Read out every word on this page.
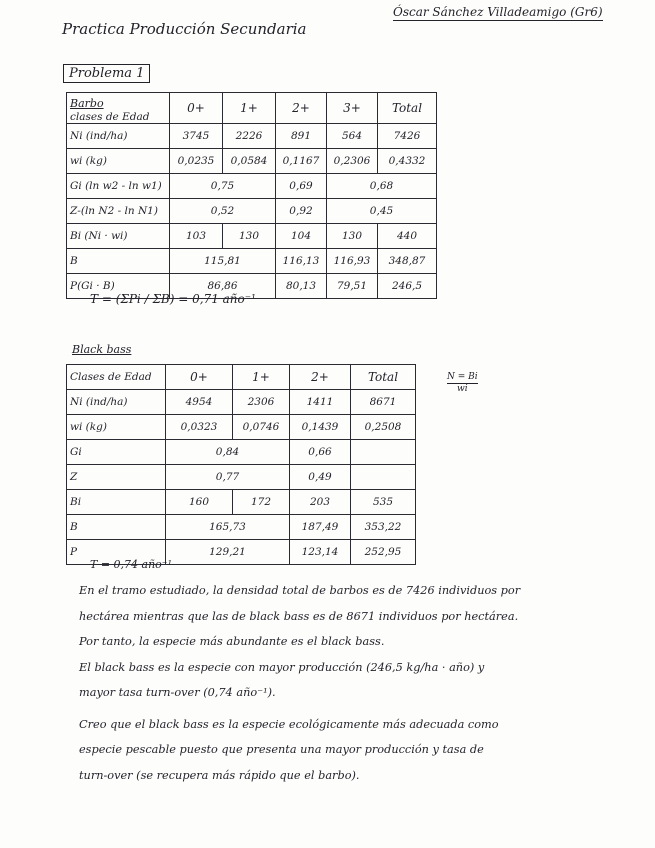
Practica Producción Secundaria
Óscar Sánchez Villadeamigo (Gr6)
Problema 1
Barbo
clases de Edad	0+	1+	2+	3+	Total
Ni (ind/ha)	3745	2226	891	564	7426
wi (kg)	0,0235	0,0584	0,1167	0,2306	0,4332
Gi (ln w2 - ln w1)	0,75		0,69	0,68	
Z-(ln N2 - ln N1)	0,52		0,92	0,45	
Bi (Ni · wi)	103	130	104	130	440
B	115,81		116,13	116,93	348,87
P(Gi · B)	86,86		80,13	79,51	246,5
T = (ΣPi / ΣB) = 0,71 año⁻¹
Black bass
Clases de Edad	0+	1+	2+	Total
Ni (ind/ha)	4954	2306	1411	8671
wi (kg)	0,0323	0,0746	0,1439	0,2508
Gi	0,84		0,66	
Z	0,77		0,49	
Bi	160	172	203	535
B	165,73		187,49	353,22
P	129,21		123,14	252,95
T = 0,74 año⁻¹
$\frac{N = Bi}{wi}$

En el tramo estudiado, la densidad total de barbos es de 7426 individuos por

hectárea mientras que las de black bass es de 8671 individuos por hectárea.

Por tanto, la especie más abundante es el black bass.

El black bass es la especie con mayor producción (246,5 kg/ha · año) y

mayor tasa turn-over (0,74 año⁻¹).

Creo que el black bass es la especie ecológicamente más adecuada como

especie pescable puesto que presenta una mayor producción y tasa de

turn-over (se recupera más rápido que el barbo).
